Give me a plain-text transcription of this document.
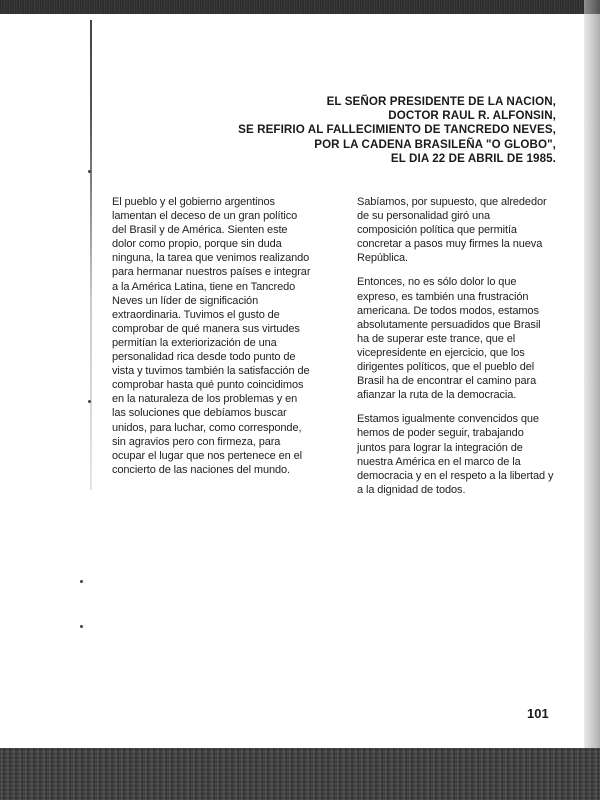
EL SEÑOR PRESIDENTE DE LA NACION,
DOCTOR RAUL R. ALFONSIN,
SE REFIRIO AL FALLECIMIENTO DE TANCREDO NEVES,
POR LA CADENA BRASILEÑA "O GLOBO",
EL DIA 22 DE ABRIL DE 1985.

El pueblo y el gobierno argentinos
lamentan el deceso de un gran político
del Brasil y de América. Sienten este
dolor como propio, porque sin duda
ninguna, la tarea que venimos realizando
para hermanar nuestros países e integrar
a la América Latina, tiene en Tancredo
Neves un líder de significación
extraordinaria. Tuvimos el gusto de
comprobar de qué manera sus virtudes
permitían la exteriorización de una
personalidad rica desde todo punto de
vista y tuvimos también la satisfacción de
comprobar hasta qué punto coincidimos
en la naturaleza de los problemas y en
las soluciones que debíamos buscar
unidos, para luchar, como corresponde,
sin agravios pero con firmeza, para
ocupar el lugar que nos pertenece en el
concierto de las naciones del mundo.

Sabíamos, por supuesto, que alrededor
de su personalidad giró una
composición política que permitía
concretar a pasos muy firmes la nueva
República.

Entonces, no es sólo dolor lo que
expreso, es también una frustración
americana. De todos modos, estamos
absolutamente persuadidos que Brasil
ha de superar este trance, que el
vicepresidente en ejercicio, que los
dirigentes políticos, que el pueblo del
Brasil ha de encontrar el camino para
afianzar la ruta de la democracia.

Estamos igualmente convencidos que
hemos de poder seguir, trabajando
juntos para lograr la integración de
nuestra América en el marco de la
democracia y en el respeto a la libertad y
a la dignidad de todos.

101
